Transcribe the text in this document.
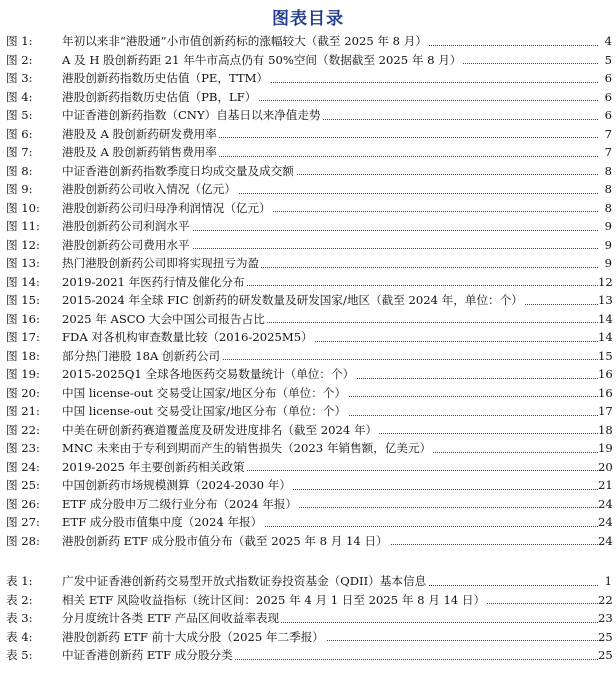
图表目录
图 1:	年初以来非“港股通”小市值创新药标的涨幅较大（截至 2025 年 8 月）	4
图 2:	A 及 H 股创新药距 21 年牛市高点仍有 50%空间（数据截至 2025 年 8 月）	5
图 3:	港股创新药指数历史估值（PE，TTM）	6
图 4:	港股创新药指数历史估值（PB，LF）	6
图 5:	中证香港创新药指数（CNY）自基日以来净值走势	6
图 6:	港股及 A 股创新药研发费用率	7
图 7:	港股及 A 股创新药销售费用率	7
图 8:	中证香港创新药指数季度日均成交量及成交额	8
图 9:	港股创新药公司收入情况（亿元）	8
图 10:	港股创新药公司归母净利润情况（亿元）	8
图 11:	港股创新药公司利润水平	9
图 12:	港股创新药公司费用水平	9
图 13:	热门港股创新药公司即将实现扭亏为盈	9
图 14:	2019-2021 年医药行情及催化分布	12
图 15:	2015-2024 年全球 FIC 创新药的研发数量及研发国家/地区（截至 2024 年，单位：个）	13
图 16:	2025 年 ASCO 大会中国公司报告占比	14
图 17:	FDA 对各机构审查数量比较（2016-2025M5）	14
图 18:	部分热门港股 18A 创新药公司	15
图 19:	2015-2025Q1 全球各地医药交易数量统计（单位：个）	16
图 20:	中国 license-out 交易受让国家/地区分布（单位：个）	16
图 21:	中国 license-out 交易受让国家/地区分布（单位：个）	17
图 22:	中美在研创新药赛道覆盖度及研发进度排名（截至 2024 年）	18
图 23:	MNC 未来由于专利到期而产生的销售损失（2023 年销售额，亿美元）	19
图 24:	2019-2025 年主要创新药相关政策	20
图 25:	中国创新药市场规模测算（2024-2030 年）	21
图 26:	ETF 成分股申万二级行业分布（2024 年报）	24
图 27:	ETF 成分股市值集中度（2024 年报）	24
图 28:	港股创新药 ETF 成分股市值分布（截至 2025 年 8 月 14 日）	24
表 1:	广发中证香港创新药交易型开放式指数证券投资基金（QDII）基本信息	1
表 2:	相关 ETF 风险收益指标（统计区间：2025 年 4 月 1 日至 2025 年 8 月 14 日）	22
表 3:	分月度统计各类 ETF 产品区间收益率表现	23
表 4:	港股创新药 ETF 前十大成分股（2025 年二季报）	25
表 5:	中证香港创新药 ETF 成分股分类	25
